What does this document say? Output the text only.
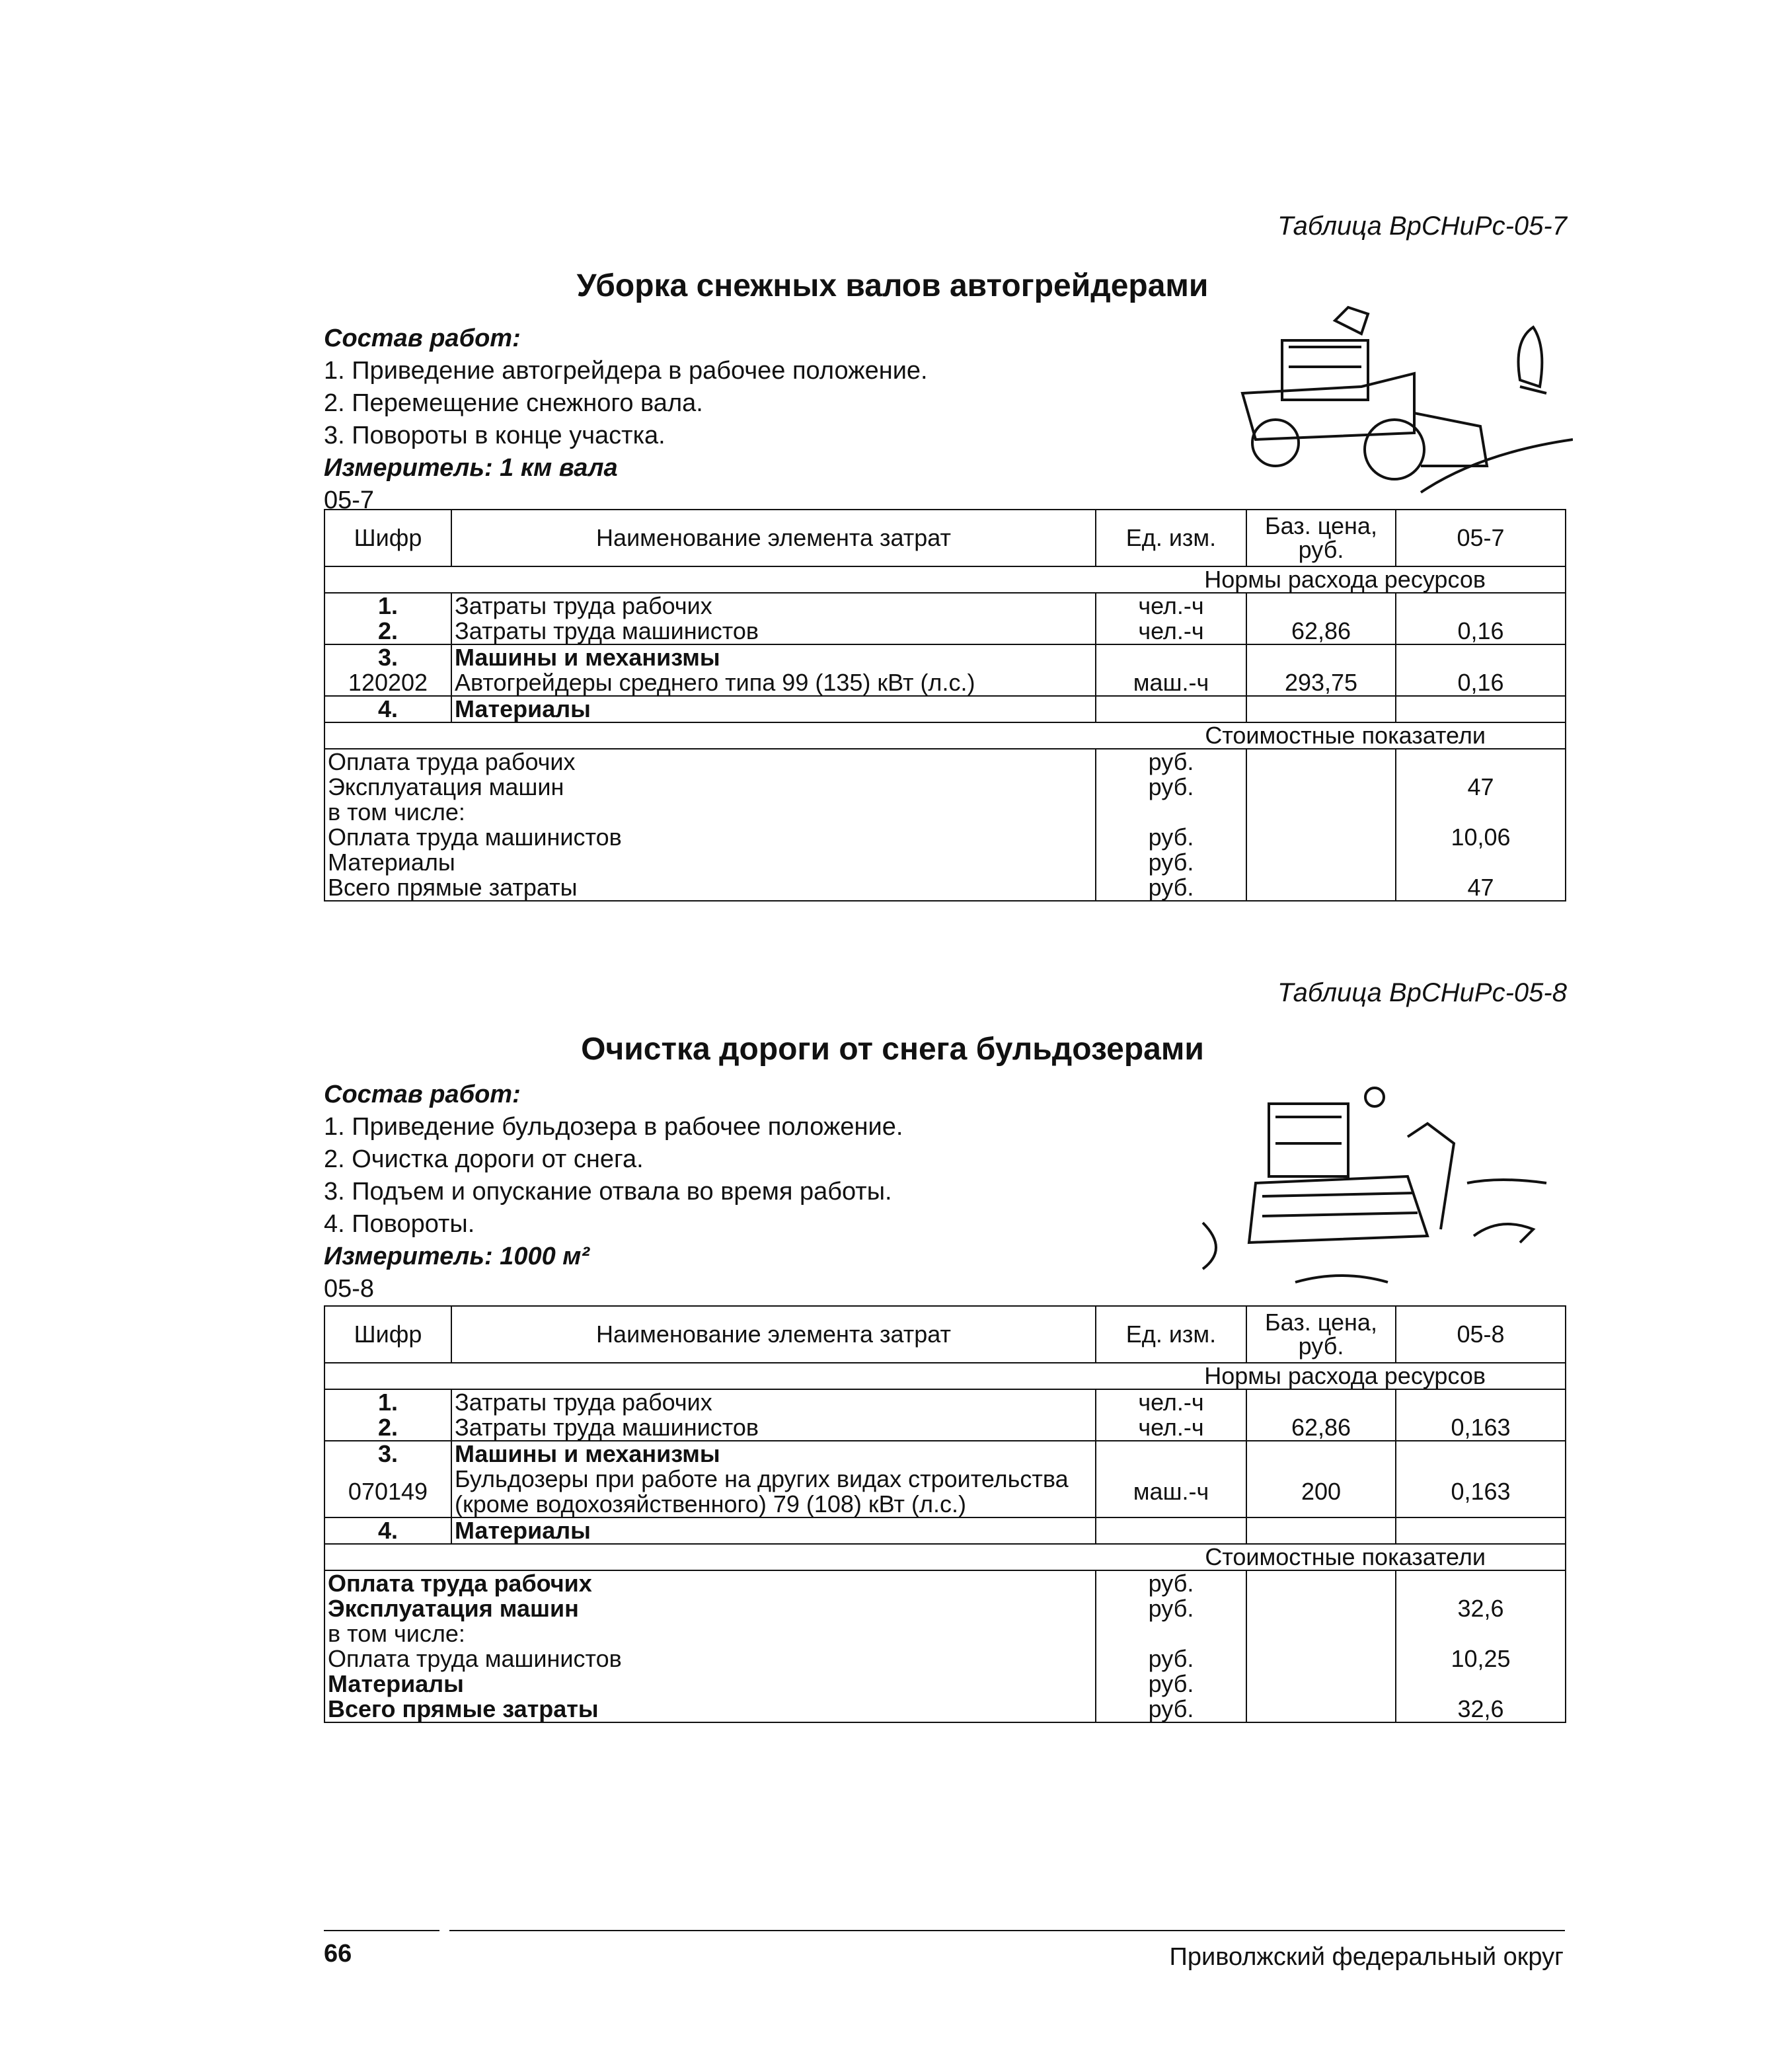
Таблица ВрСНиРс-05-7
Уборка снежных валов автогрейдерами
Состав работ:
1. Приведение автогрейдера в рабочее положение.
2. Перемещение снежного вала.
3. Повороты в конце участка.
Измеритель: 1 км вала
05-7
Шифр	Наименование элемента затрат	Ед. изм.	Баз. цена, руб.	05-7
Нормы расхода ресурсов				
1.	Затраты труда рабочих	чел.-ч		
2.	Затраты труда машинистов	чел.-ч	62,86	0,16
3.	Машины и механизмы			
120202	Автогрейдеры среднего типа 99 (135) кВт (л.с.)	маш.-ч	293,75	0,16
4.	Материалы			
Стоимостные показатели				
Оплата труда рабочих		руб.		
Эксплуатация машин		руб.		47
в том числе:				
Оплата труда машинистов		руб.		10,06
Материалы		руб.		
Всего прямые затраты		руб.		47
Таблица ВрСНиРс-05-8
Очистка дороги от снега бульдозерами
Состав работ:
1. Приведение бульдозера в рабочее положение.
2. Очистка дороги от снега.
3. Подъем и опускание отвала во время работы.
4. Повороты.
Измеритель: 1000 м²
05-8
Шифр	Наименование элемента затрат	Ед. изм.	Баз. цена, руб.	05-8
Нормы расхода ресурсов				
1.	Затраты труда рабочих	чел.-ч		
2.	Затраты труда машинистов	чел.-ч	62,86	0,163
3.	Машины и механизмы			
070149	Бульдозеры при работе на других видах строительства (кроме водохозяйственного) 79 (108) кВт (л.с.)	маш.-ч	200	0,163
4.	Материалы			
Стоимостные показатели				
Оплата труда рабочих		руб.		
Эксплуатация машин		руб.		32,6
в том числе:				
Оплата труда машинистов		руб.		10,25
Материалы		руб.		
Всего прямые затраты		руб.		32,6
66	Приволжский федеральный округ
